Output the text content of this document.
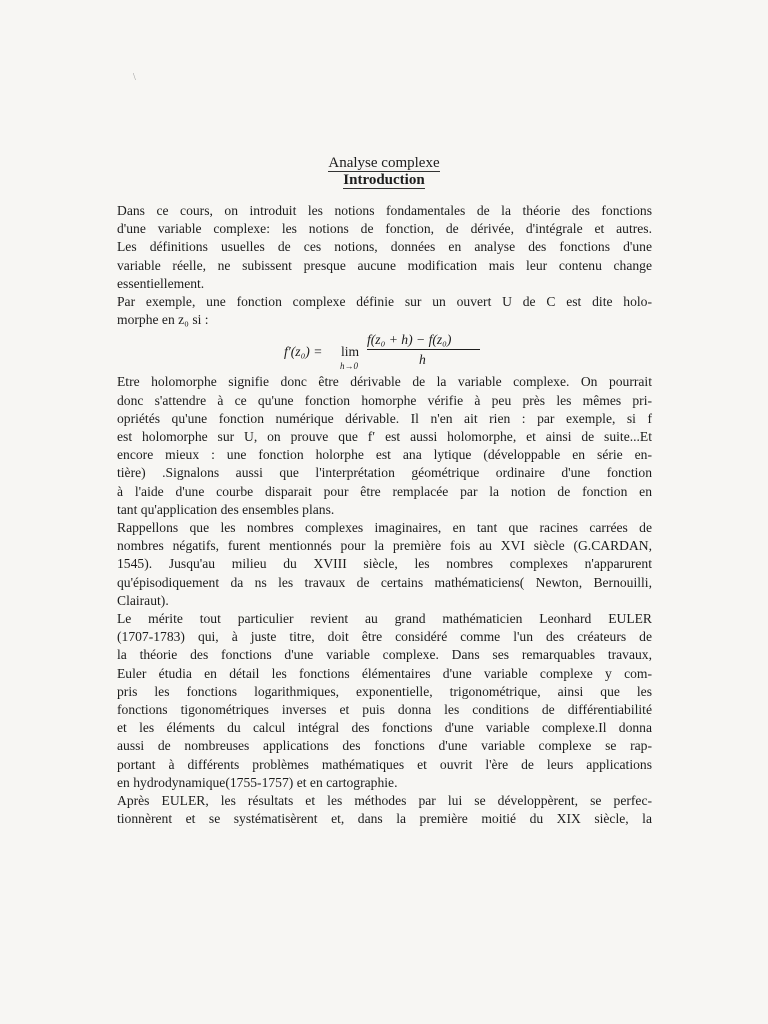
\
Analyse complexe
Introduction
Dans ce cours, on introduit les notions fondamentales de la théorie des fonctions
d'une variable complexe: les notions de fonction, de dérivée, d'intégrale et autres.
Les définitions usuelles de ces notions, données en analyse des fonctions d'une
variable réelle, ne subissent presque aucune modification mais leur contenu change
essentiellement.
Par exemple, une fonction complexe définie sur un ouvert U de C est dite holo-
morphe en z₀ si :
f′(z₀) = lim
h→0
f(z₀ + h) − f(z₀)
h
Etre holomorphe signifie donc être dérivable de la variable complexe. On pourrait
donc s'attendre à ce qu'une fonction homorphe vérifie à peu près les mêmes pri-
opriétés qu'une fonction numérique dérivable. Il n'en ait rien : par exemple, si f
est holomorphe sur U, on prouve que f′ est aussi holomorphe, et ainsi de suite...Et
encore mieux : une fonction holorphe est ana lytique (développable en série en-
tière) .Signalons aussi que l'interprétation géométrique ordinaire d'une fonction
à l'aide d'une courbe disparait pour être remplacée par la notion de fonction en
tant qu'application des ensembles plans.
Rappellons que les nombres complexes imaginaires, en tant que racines carrées de
nombres négatifs, furent mentionnés pour la première fois au XVI siècle (G.CARDAN,
1545). Jusqu'au milieu du XVIII siècle, les nombres complexes n'apparurent
qu'épisodiquement da ns les travaux de certains mathématiciens( Newton, Bernouilli,
Clairaut).
Le mérite tout particulier revient au grand mathématicien Leonhard EULER
(1707-1783) qui, à juste titre, doit être considéré comme l'un des créateurs de
la théorie des fonctions d'une variable complexe. Dans ses remarquables travaux,
Euler étudia en détail les fonctions élémentaires d'une variable complexe y com-
pris les fonctions logarithmiques, exponentielle, trigonométrique, ainsi que les
fonctions tigonométriques inverses et puis donna les conditions de différentiabilité
et les éléments du calcul intégral des fonctions d'une variable complexe.Il donna
aussi de nombreuses applications des fonctions d'une variable complexe se rap-
portant à différents problèmes mathématiques et ouvrit l'ère de leurs applications
en hydrodynamique(1755-1757) et en cartographie.
Après EULER, les résultats et les méthodes par lui se développèrent, se perfec-
tionnèrent et se systématisèrent et, dans la première moitié du XIX siècle, la
